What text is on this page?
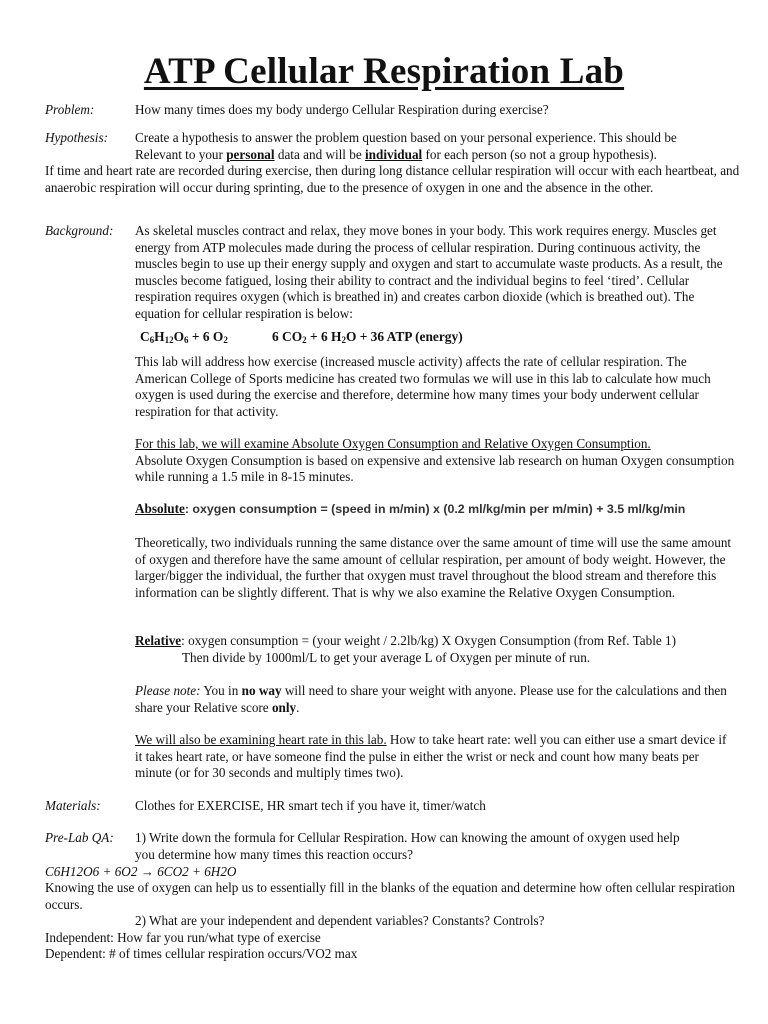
ATP Cellular Respiration Lab
Problem:	How many times does my body undergo Cellular Respiration during exercise?
Hypothesis: Create a hypothesis to answer the problem question based on your personal experience. This should be
Relevant to your personal data and will be individual for each person (so not a group hypothesis).
If time and heart rate are recorded during exercise, then during long distance cellular respiration will occur with each heartbeat, and anaerobic respiration will occur during sprinting, due to the presence of oxygen in one and the absence in the other.
Background: As skeletal muscles contract and relax, they move bones in your body. This work requires energy. Muscles get energy from ATP molecules made during the process of cellular respiration. During continuous activity, the muscles begin to use up their energy supply and oxygen and start to accumulate waste products. As a result, the muscles become fatigued, losing their ability to contract and the individual begins to feel ‘tired’. Cellular respiration requires oxygen (which is breathed in) and creates carbon dioxide (which is breathed out). The equation for cellular respiration is below:
$C_6H_{12}O_6 + 6$ $O_2$	6 $CO_2 + 6$ $H_2O + 36$ ATP (energy)
This lab will address how exercise (increased muscle activity) affects the rate of cellular respiration. The American College of Sports medicine has created two formulas we will use in this lab to calculate how much oxygen is used during the exercise and therefore, determine how many times your body underwent cellular respiration for that activity.
For this lab, we will examine Absolute Oxygen Consumption and Relative Oxygen Consumption.
Absolute Oxygen Consumption is based on expensive and extensive lab research on human Oxygen consumption while running a 1.5 mile in 8-15 minutes.
Absolute: oxygen consumption = (speed in m/min) x (0.2 ml/kg/min per m/min) + 3.5 ml/kg/min
Theoretically, two individuals running the same distance over the same amount of time will use the same amount of oxygen and therefore have the same amount of cellular respiration, per amount of body weight. However, the larger/bigger the individual, the further that oxygen must travel throughout the blood stream and therefore this information can be slightly different. That is why we also examine the Relative Oxygen Consumption.
Relative: oxygen consumption = (your weight / 2.2lb/kg) X Oxygen Consumption (from Ref. Table 1)
Then divide by 1000ml/L to get your average L of Oxygen per minute of run.
Please note: You in no way will need to share your weight with anyone. Please use for the calculations and then share your Relative score only.
We will also be examining heart rate in this lab. How to take heart rate: well you can either use a smart device if it takes heart rate, or have someone find the pulse in either the wrist or neck and count how many beats per minute (or for 30 seconds and multiply times two).
Materials:	Clothes for EXERCISE, HR smart tech if you have it, timer/watch
Pre-Lab QA: 1) Write down the formula for Cellular Respiration. How can knowing the amount of oxygen used help
you determine how many times this reaction occurs?
C6H12O6 + 6O2 → 6CO2 + 6H2O
Knowing the use of oxygen can help us to essentially fill in the blanks of the equation and determine how often cellular respiration occurs.
2) What are your independent and dependent variables? Constants? Controls?
Independent: How far you run/what type of exercise
Dependent: # of times cellular respiration occurs/VO2 max
